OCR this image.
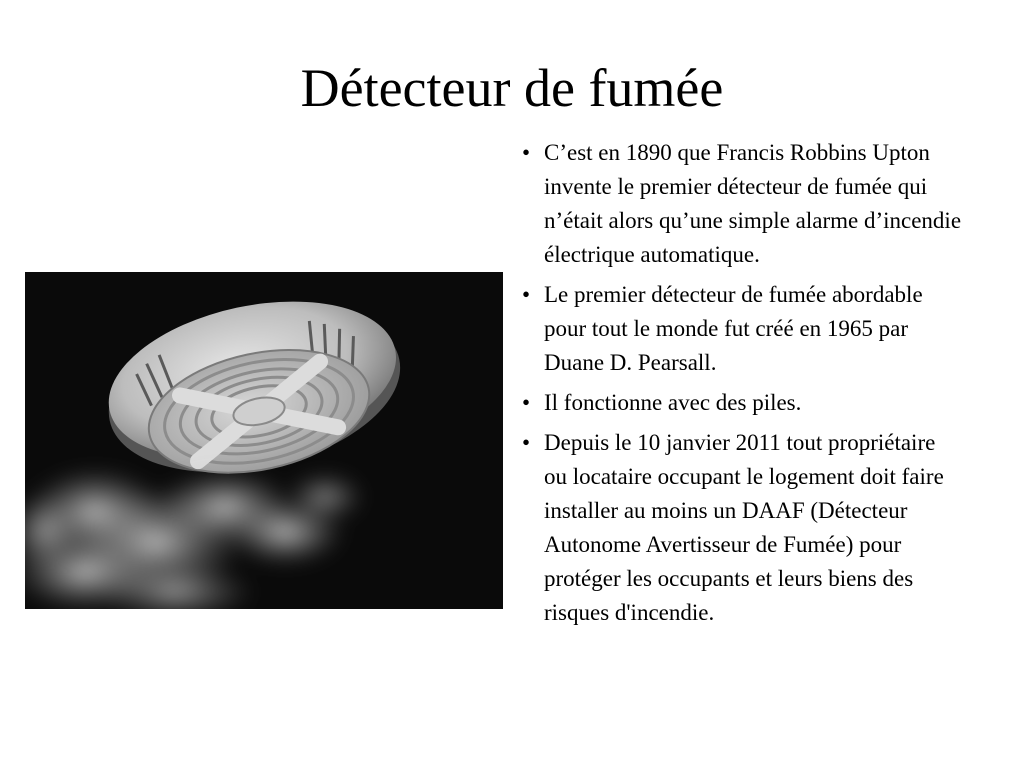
Détecteur de fumée
• C’est en 1890 que Francis Robbins Upton invente le premier détecteur de fumée qui n’était alors qu’une simple alarme d’incendie électrique automatique.
• Le premier détecteur de fumée abordable pour tout le monde fut créé en 1965 par Duane D. Pearsall.
• Il fonctionne avec des piles.
• Depuis le 10 janvier 2011 tout propriétaire ou locataire occupant le logement doit faire installer au moins un DAAF (Détecteur Autonome Avertisseur de Fumée) pour protéger les occupants et leurs biens des risques d'incendie.
